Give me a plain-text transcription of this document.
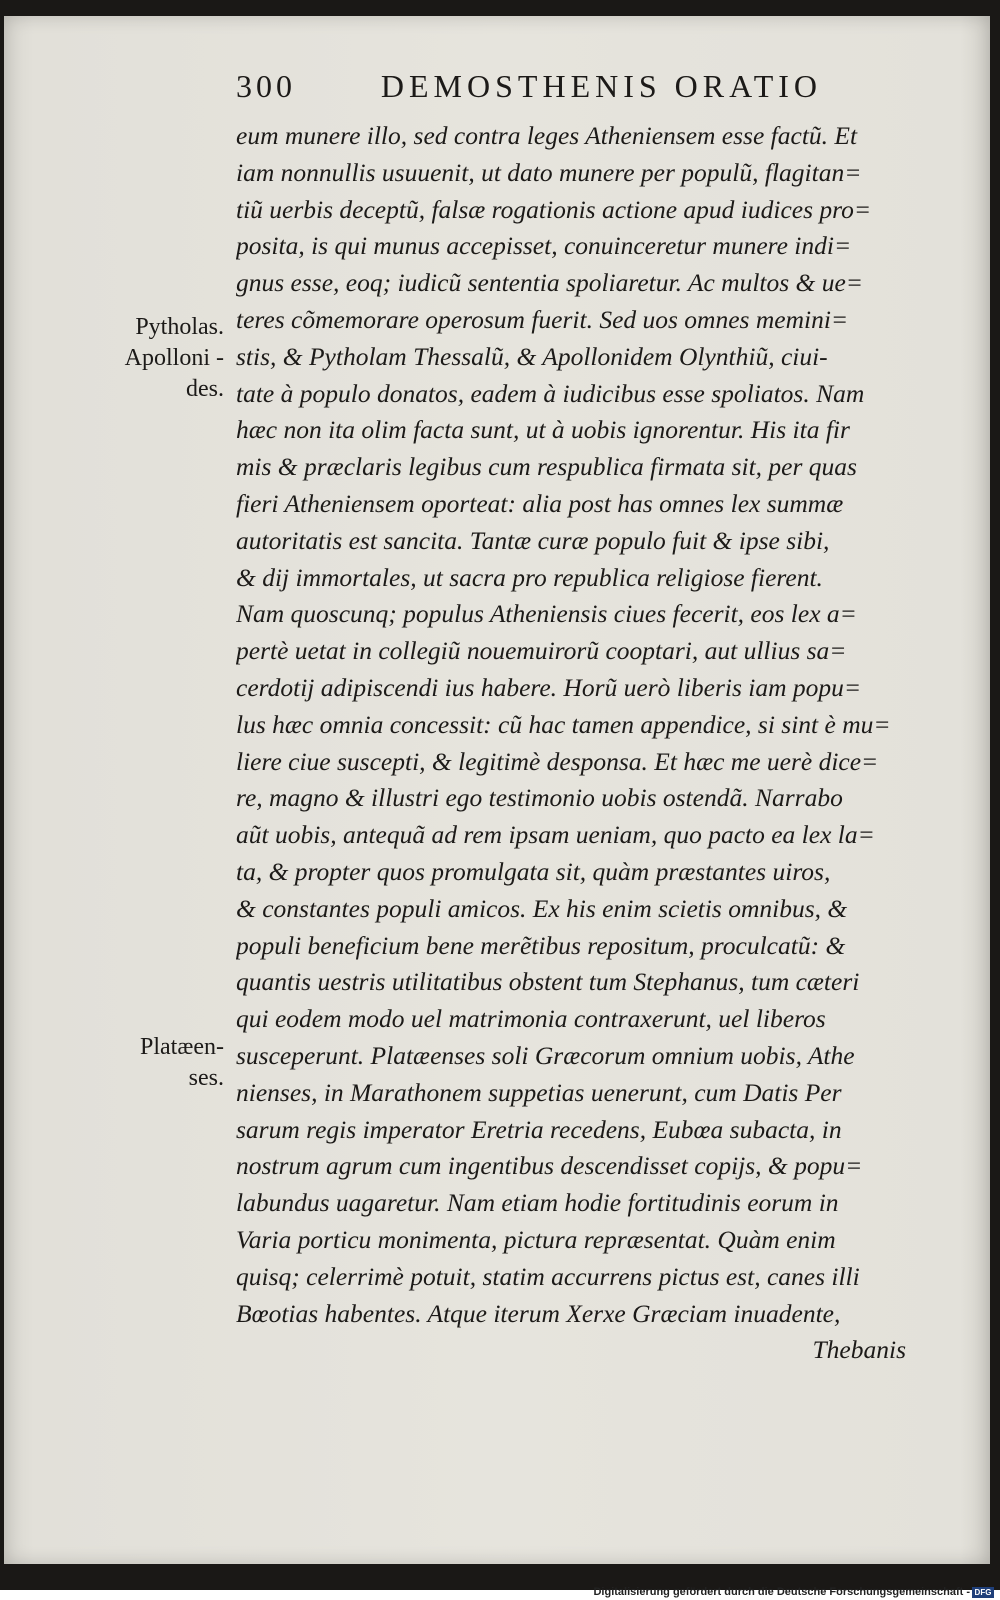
300	DEMOSTHENIS ORATIO
eum munere illo, sed contra leges Atheniensem esse factũ. Et
iam nonnullis usuuenit, ut dato munere per populũ, flagitan=
tiũ uerbis deceptũ, falsæ rogationis actione apud iudices pro=
posita, is qui munus accepisset, conuinceretur munere indi=
gnus esse, eoq; iudicũ sententia spoliaretur. Ac multos & ue=
teres cõmemorare operosum fuerit. Sed uos omnes memini=
stis, & Pytholam Thessalũ, & Apollonidem Olynthiũ, ciui-
tate à populo donatos, eadem à iudicibus esse spoliatos. Nam
hæc non ita olim facta sunt, ut à uobis ignorentur. His ita fir
mis & præclaris legibus cum respublica firmata sit, per quas
fieri Atheniensem oporteat: alia post has omnes lex summæ
autoritatis est sancita. Tantæ curæ populo fuit & ipse sibi,
& dij immortales, ut sacra pro republica religiose fierent.
Nam quoscunq; populus Atheniensis ciues fecerit, eos lex a=
pertè uetat in collegiũ nouemuirorũ cooptari, aut ullius sa=
cerdotij adipiscendi ius habere. Horũ uerò liberis iam popu=
lus hæc omnia concessit: cũ hac tamen appendice, si sint è mu=
liere ciue suscepti, & legitimè desponsa. Et hæc me uerè dice=
re, magno & illustri ego testimonio uobis ostendã. Narrabo
aũt uobis, antequã ad rem ipsam ueniam, quo pacto ea lex la=
ta, & propter quos promulgata sit, quàm præstantes uiros,
& constantes populi amicos. Ex his enim scietis omnibus, &
populi beneficium bene merẽtibus repositum, proculcatũ: &
quantis uestris utilitatibus obstent tum Stephanus, tum cæteri
qui eodem modo uel matrimonia contraxerunt, uel liberos
susceperunt. Platæenses soli Græcorum omnium uobis, Athe
nienses, in Marathonem suppetias uenerunt, cum Datis Per
sarum regis imperator Eretria recedens, Eubœa subacta, in
nostrum agrum cum ingentibus descendisset copijs, & popu=
labundus uagaretur. Nam etiam hodie fortitudinis eorum in
Varia porticu monimenta, pictura repræsentat. Quàm enim
quisq; celerrimè potuit, statim accurrens pictus est, canes illi
Bœotias habentes. Atque iterum Xerxe Græciam inuadente,
Thebanis
Pytholas.
Apolloni -
des.
Platæen-
ses.
Digitalisierung gefördert durch die Deutsche Forschungsgemeinschaft - DFG
